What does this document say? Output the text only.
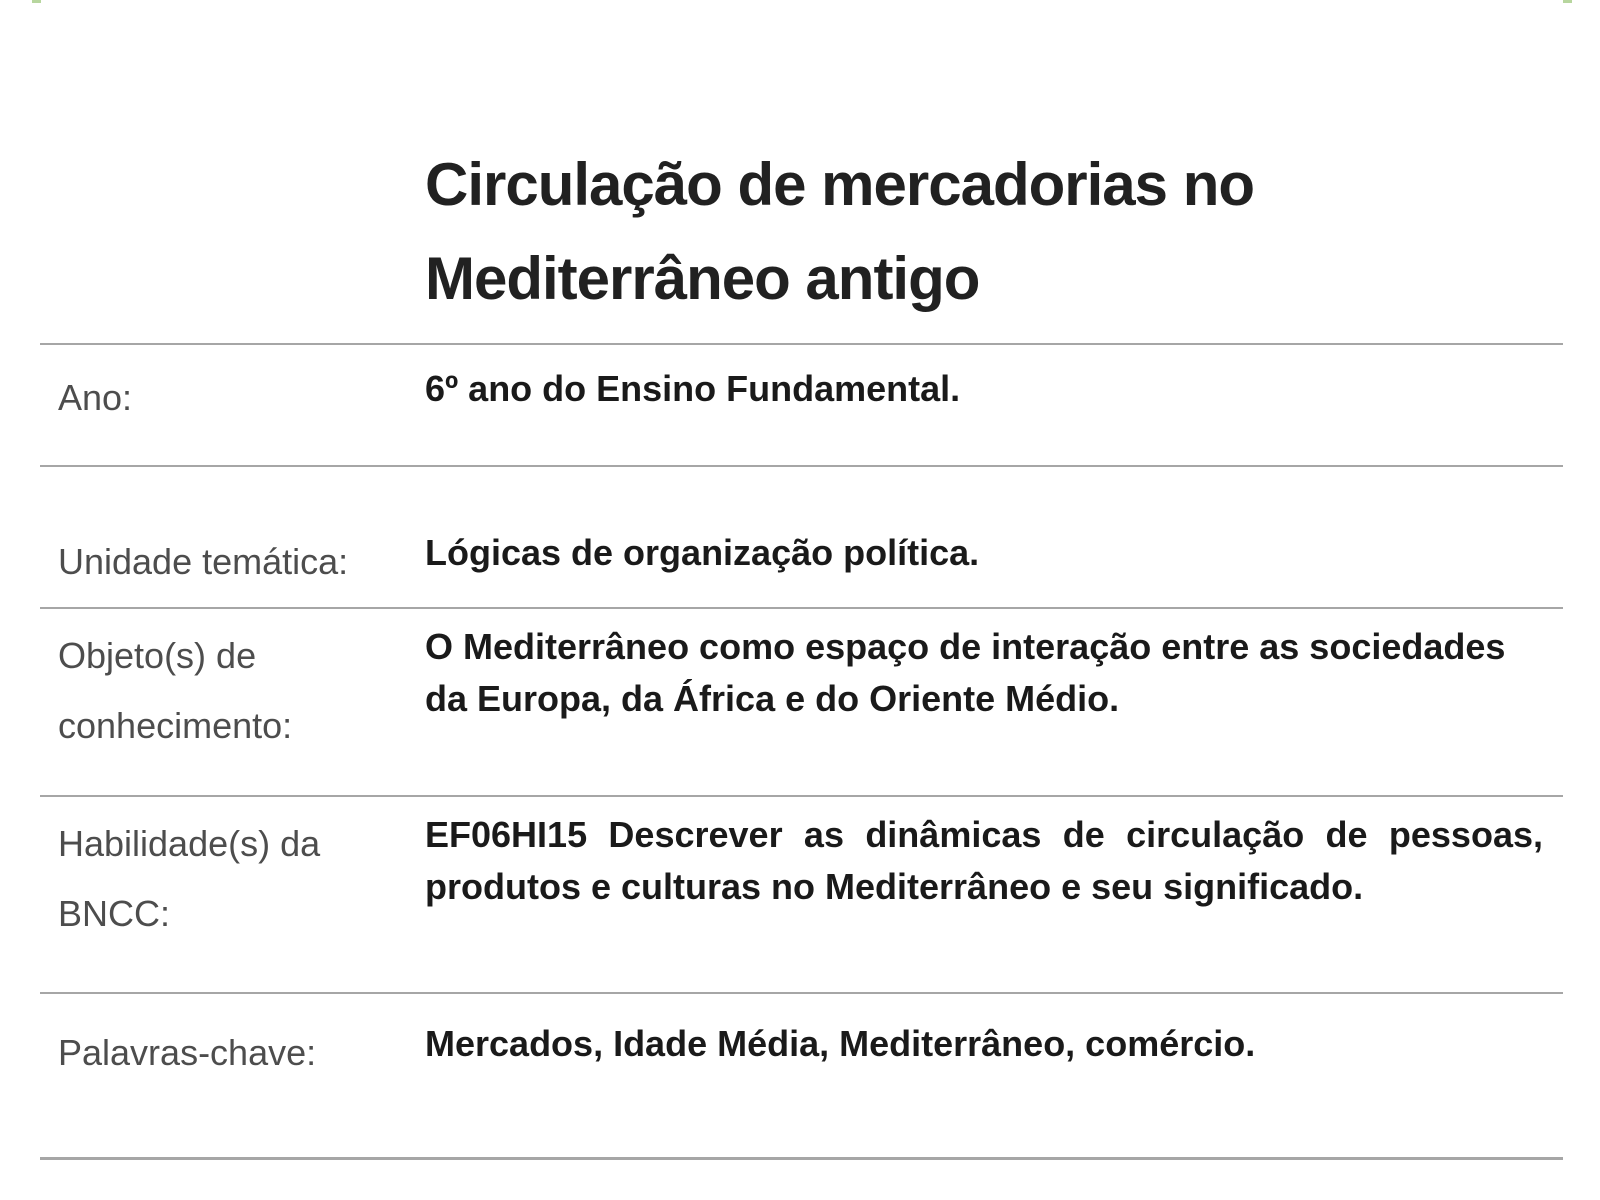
Circulação de mercadorias no Mediterrâneo antigo
Ano:	6º ano do Ensino Fundamental.
Unidade temática:	Lógicas de organização política.
Objeto(s) de conhecimento:
O Mediterrâneo como espaço de interação entre as sociedades da Europa, da África e do Oriente Médio.
Habilidade(s) da BNCC:
EF06HI15 Descrever as dinâmicas de circulação de pessoas, produtos e culturas no Mediterrâneo e seu significado.
Palavras-chave:	Mercados, Idade Média, Mediterrâneo, comércio.
